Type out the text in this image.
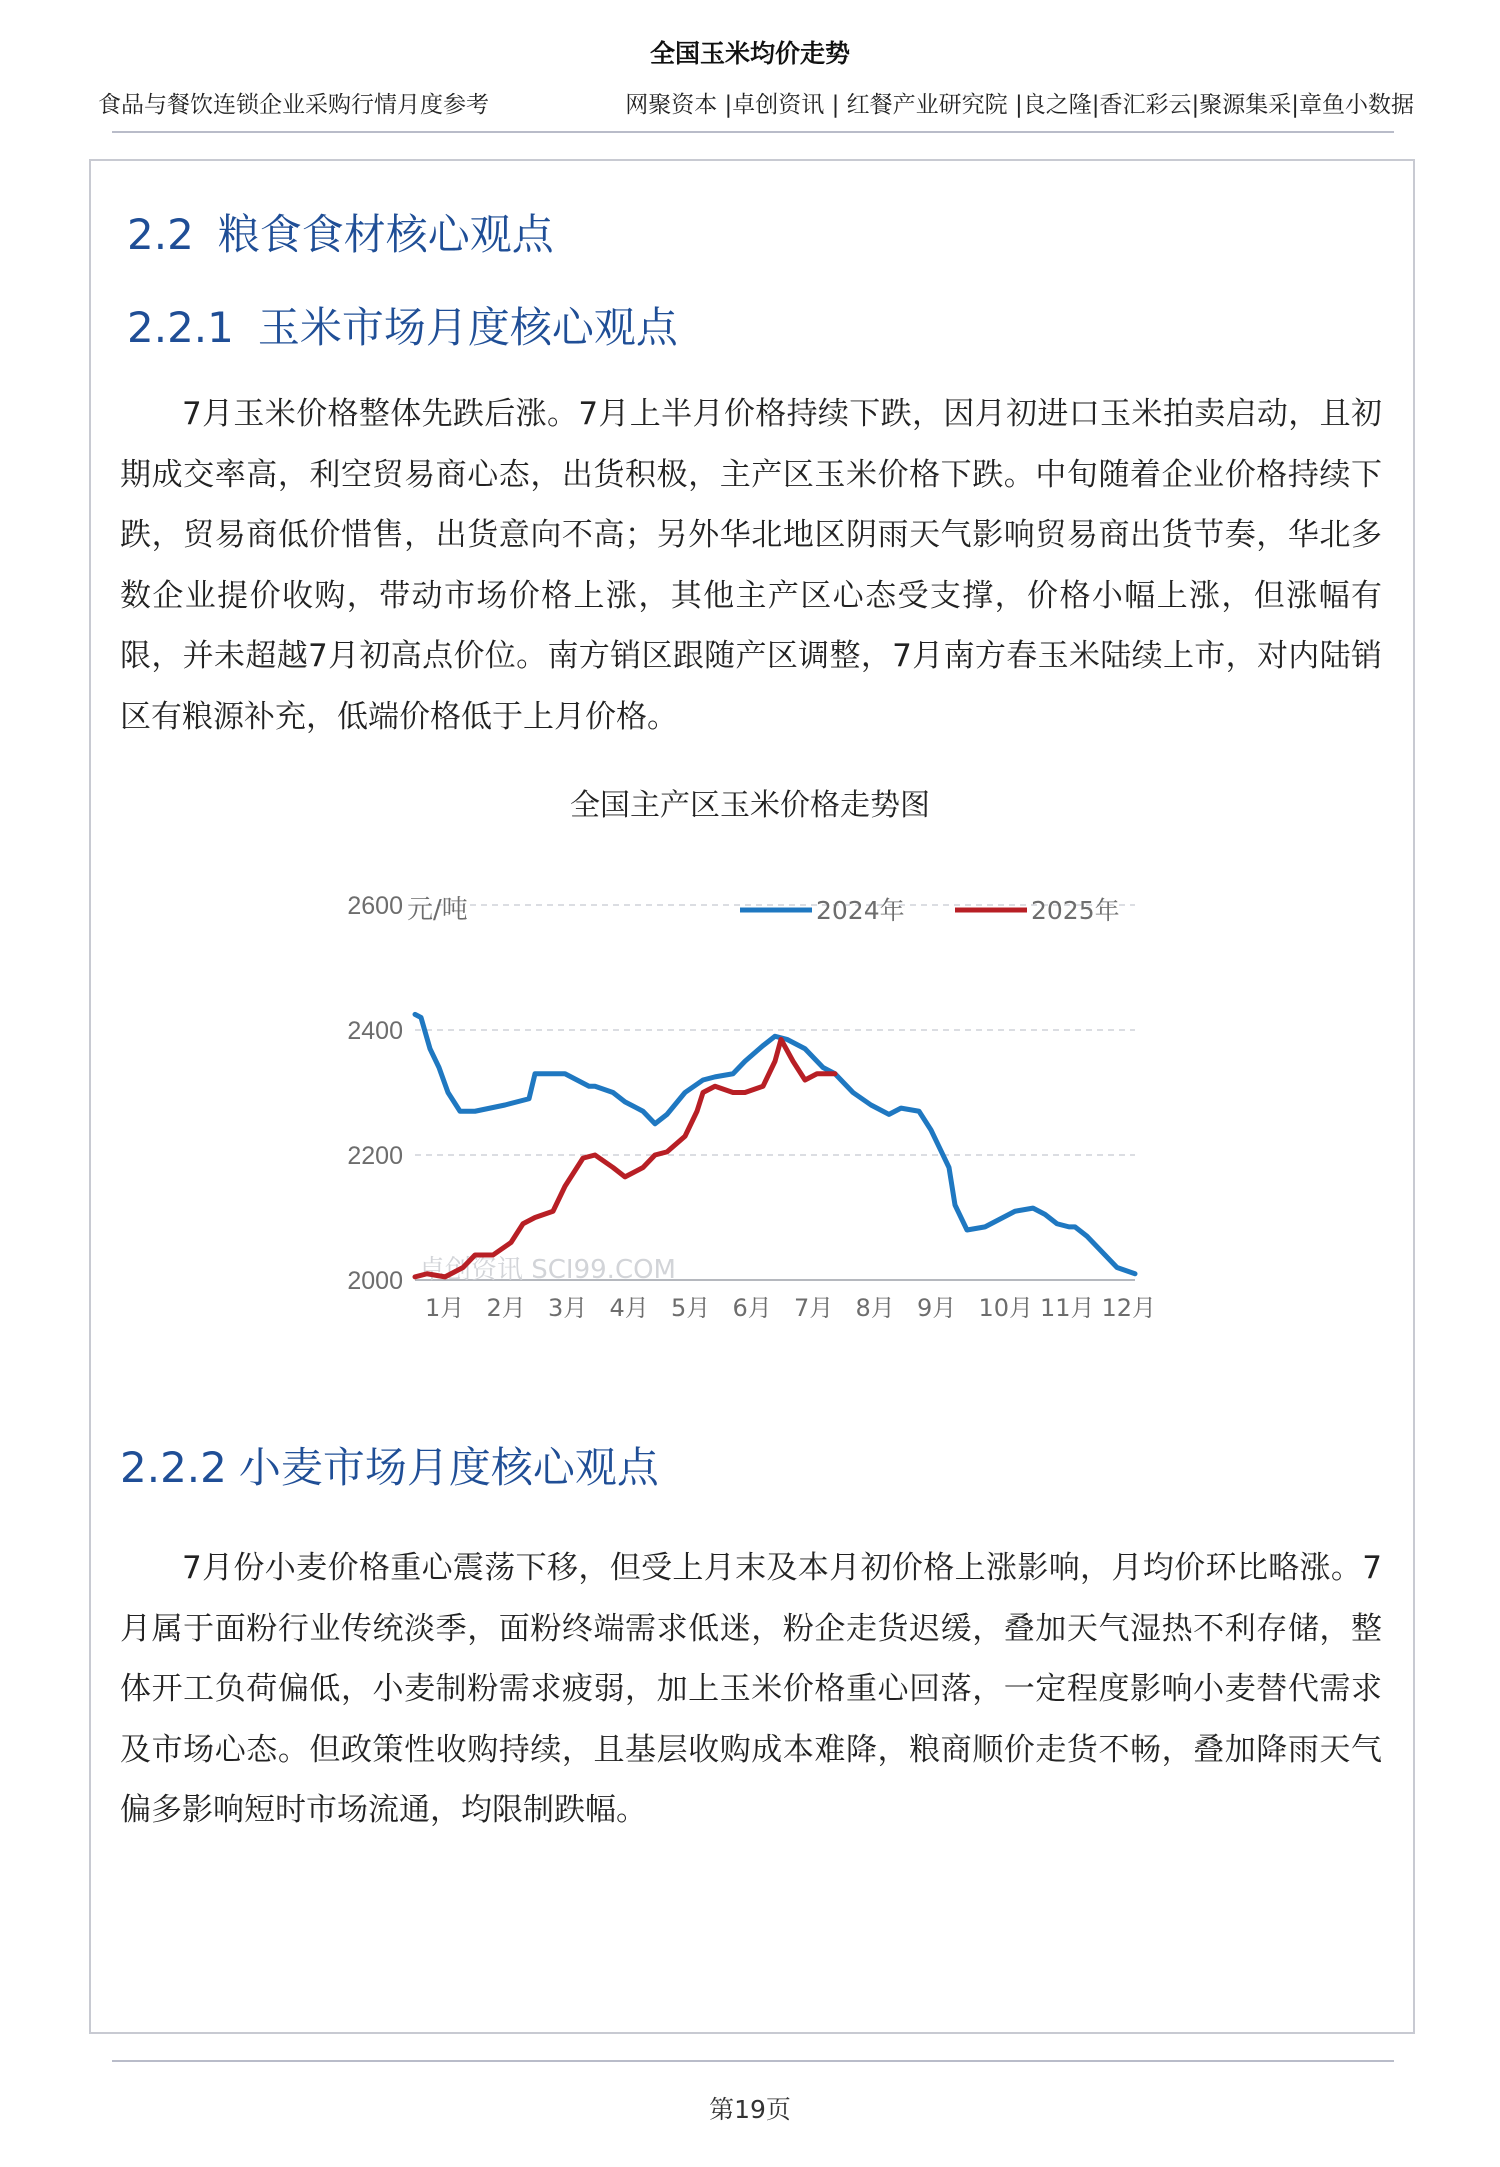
全国玉米均价走势
食品与餐饮连锁企业采购行情月度参考	网聚资本 |卓创资讯 | 红餐产业研究院 |良之隆|香汇彩云|聚源集采|章鱼小数据
2.2 粮食食材核心观点
2.2.1 玉米市场月度核心观点

7月玉米价格整体先跌后涨。7月上半月价格持续下跌，因月初进口玉米拍卖启动，且初期成交率高，利空贸易商心态，出货积极，主产区玉米价格下跌。中旬随着企业价格持续下跌，贸易商低价惜售，出货意向不高；另外华北地区阴雨天气影响贸易商出货节奏，华北多数企业提价收购，带动市场价格上涨，其他主产区心态受支撑，价格小幅上涨，但涨幅有限，并未超越7月初高点价位。南方销区跟随产区调整，7月南方春玉米陆续上市，对内陆销区有粮源补充，低端价格低于上月价格。

全国主产区玉米价格走势图
2000
2200
2400
2600 元/吨
卓创资讯 SCI99.COM
1月 2月 3月 4月 5月 6月 7月 8月 9月 10月 11月 12月
2024年	2025年
2.2.2 小麦市场月度核心观点

7月份小麦价格重心震荡下移，但受上月末及本月初价格上涨影响，月均价环比略涨。7月属于面粉行业传统淡季，面粉终端需求低迷，粉企走货迟缓，叠加天气湿热不利存储，整体开工负荷偏低，小麦制粉需求疲弱，加上玉米价格重心回落，一定程度影响小麦替代需求及市场心态。但政策性收购持续，且基层收购成本难降，粮商顺价走货不畅，叠加降雨天气偏多影响短时市场流通，均限制跌幅。

第19页
